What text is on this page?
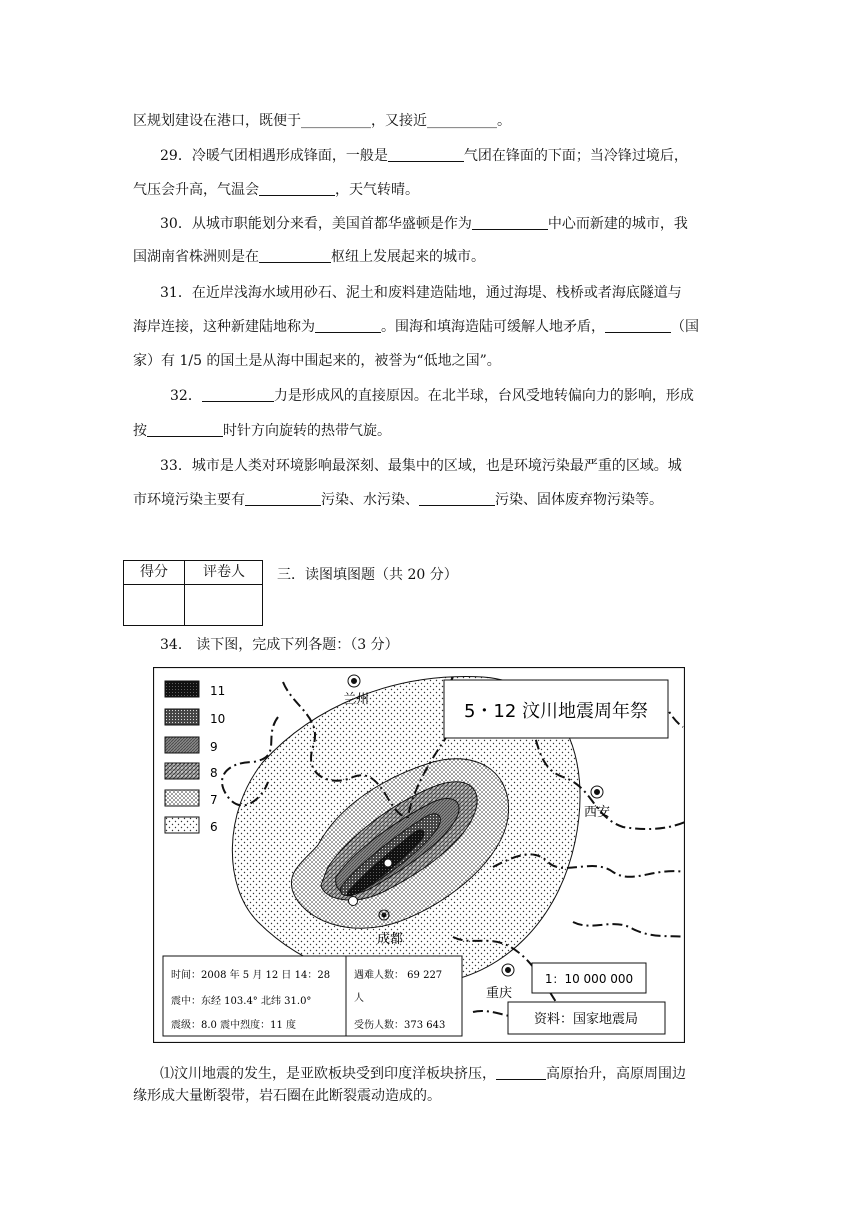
区规划建设在港口，既便于__________，又接近__________。
29．冷暖气团相遇形成锋面，一般是	气团在锋面的下面；当冷锋过境后，
气压会升高，气温会	，天气转晴。
30．从城市职能划分来看，美国首都华盛顿是作为	中心而新建的城市，我
国湖南省株洲则是在	枢纽上发展起来的城市。
31．在近岸浅海水域用砂石、泥土和废料建造陆地，通过海堤、栈桥或者海底隧道与
海岸连接，这种新建陆地称为	。围海和填海造陆可缓解人地矛盾，	（国
家）有 1/5 的国土是从海中围起来的，被誉为“低地之国”。
32．	力是形成风的直接原因。在北半球，台风受地转偏向力的影响，形成
按	时针方向旋转的热带气旋。
33．城市是人类对环境影响最深刻、最集中的区域，也是环境污染最严重的区域。城
市环境污染主要有	污染、水污染、	污染、固体废弃物污染等。
得分	评卷人	三．读图填图题（共 20 分）
34． 读下图，完成下列各题：（3 分）
11
10
9
8
7
6
5・12 汶川地震周年祭
兰州
西安
成都
重庆
时间：2008 年 5 月 12 日 14：28
震中：东经 103.4° 北纬 31.0°
震级：8.0 震中烈度：11 度
遇难人数： 69 227
人
受伤人数：373 643
1：10 000 000
资料：国家地震局
⑴汶川地震的发生，是亚欧板块受到印度洋板块挤压，	高原抬升，高原周围边
缘形成大量断裂带，岩石圈在此断裂震动造成的。
